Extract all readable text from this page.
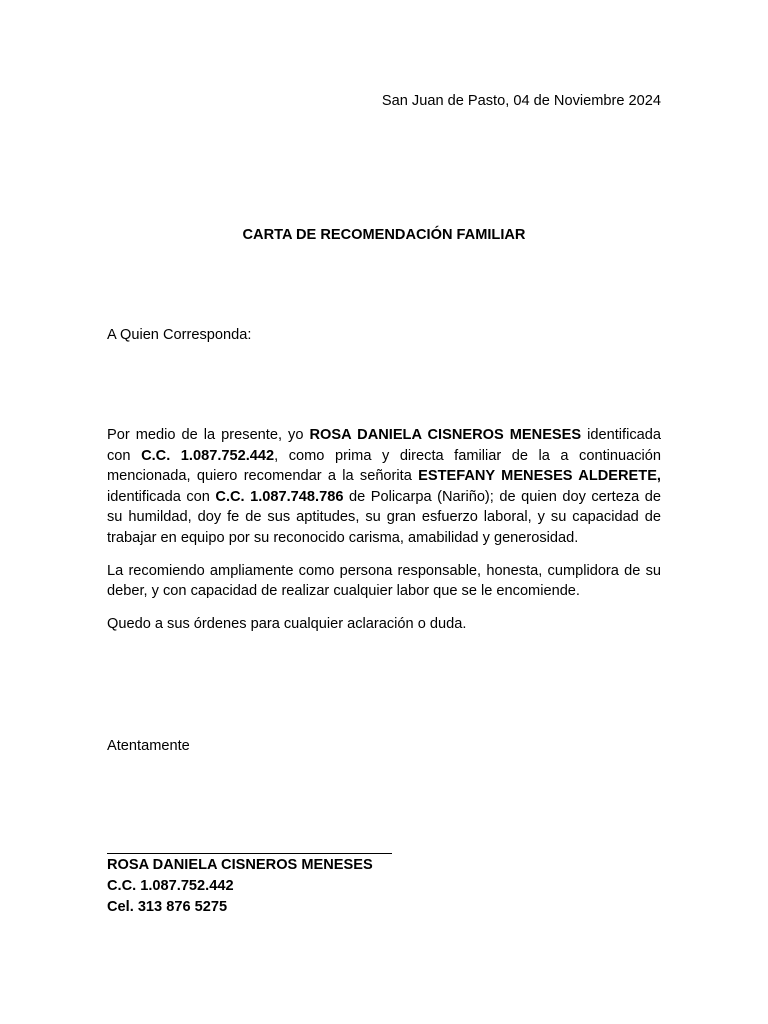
San Juan de Pasto, 04 de Noviembre 2024
CARTA DE RECOMENDACIÓN FAMILIAR
A Quien Corresponda:

Por medio de la presente, yo ROSA DANIELA CISNEROS MENESES identificada con C.C. 1.087.752.442, como prima y directa familiar de la a continuación mencionada, quiero recomendar a la señorita ESTEFANY MENESES ALDERETE, identificada con C.C. 1.087.748.786 de Policarpa (Nariño); de quien doy certeza de su humildad, doy fe de sus aptitudes, su gran esfuerzo laboral, y su capacidad de trabajar en equipo por su reconocido carisma, amabilidad y generosidad.

La recomiendo ampliamente como persona responsable, honesta, cumplidora de su deber, y con capacidad de realizar cualquier labor que se le encomiende.

Quedo a sus órdenes para cualquier aclaración o duda.

Atentamente
ROSA DANIELA CISNEROS MENESES
C.C. 1.087.752.442
Cel. 313 876 5275
